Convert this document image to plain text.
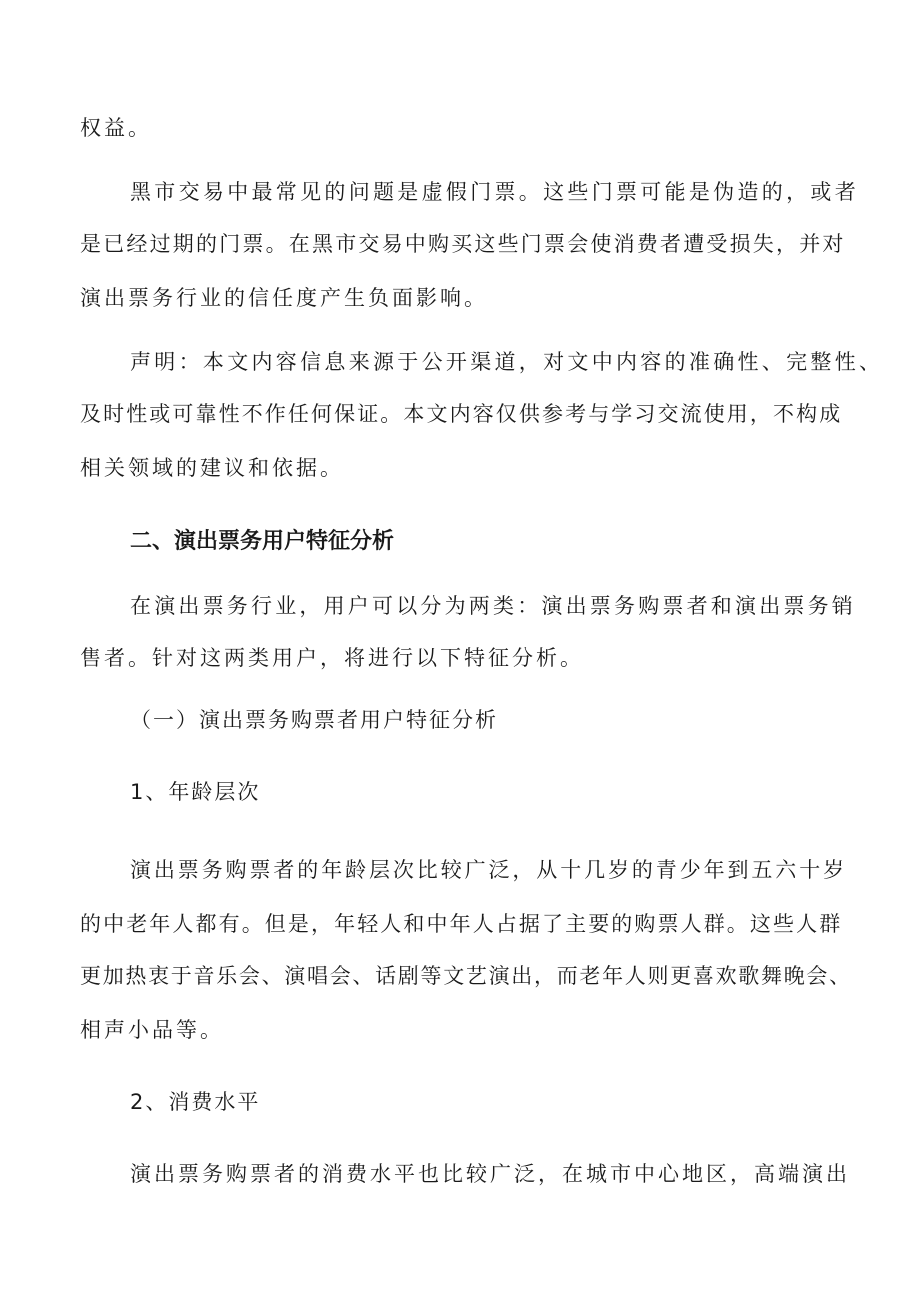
权益。
黑市交易中最常见的问题是虚假门票。这些门票可能是伪造的，或者
是已经过期的门票。在黑市交易中购买这些门票会使消费者遭受损失，并对
演出票务行业的信任度产生负面影响。
声明：本文内容信息来源于公开渠道，对文中内容的准确性、完整性、
及时性或可靠性不作任何保证。本文内容仅供参考与学习交流使用，不构成
相关领域的建议和依据。
二、演出票务用户特征分析
在演出票务行业，用户可以分为两类：演出票务购票者和演出票务销
售者。针对这两类用户，将进行以下特征分析。
（一）演出票务购票者用户特征分析
1、年龄层次
演出票务购票者的年龄层次比较广泛，从十几岁的青少年到五六十岁
的中老年人都有。但是，年轻人和中年人占据了主要的购票人群。这些人群
更加热衷于音乐会、演唱会、话剧等文艺演出，而老年人则更喜欢歌舞晚会、
相声小品等。
2、消费水平
演出票务购票者的消费水平也比较广泛，在城市中心地区，高端演出
